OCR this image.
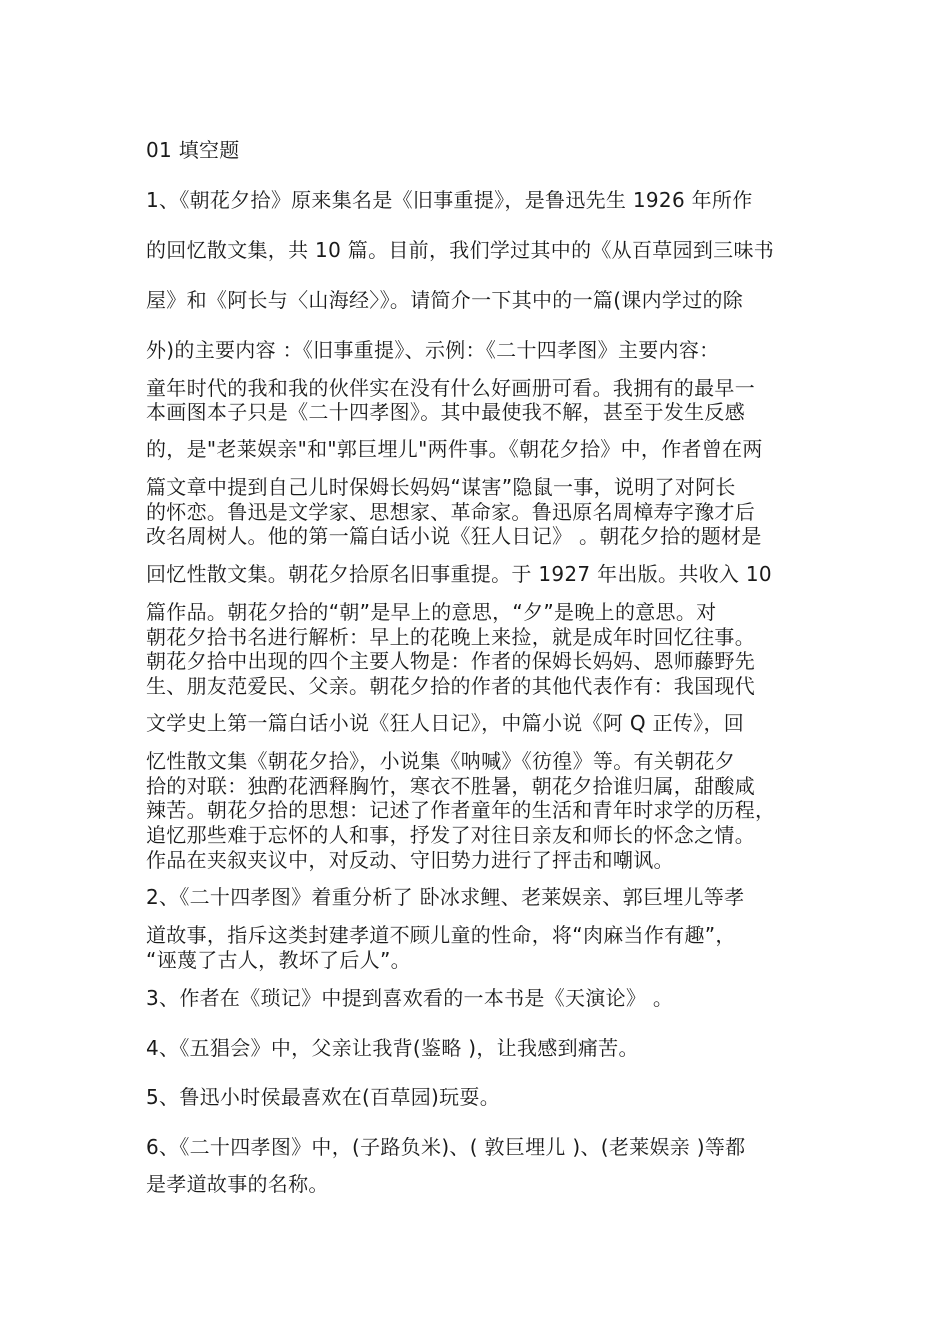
01 填空题
1、《朝花夕拾》原来集名是《旧事重提》，是鲁迅先生 1926 年所作
的回忆散文集，共 10 篇。目前，我们学过其中的《从百草园到三味书
屋》和《阿长与〈山海经〉》。请简介一下其中的一篇(课内学过的除
外)的主要内容 ：《旧事重提》、示例：《二十四孝图》主要内容：
童年时代的我和我的伙伴实在没有什么好画册可看。我拥有的最早一
本画图本子只是《二十四孝图》。其中最使我不解，甚至于发生反感
的，是"老莱娱亲"和"郭巨埋儿"两件事。《朝花夕拾》中，作者曾在两
篇文章中提到自己儿时保姆长妈妈“谋害”隐鼠一事，说明了对阿长
的怀恋。鲁迅是文学家、思想家、革命家。鲁迅原名周樟寿字豫才后
改名周树人。他的第一篇白话小说《狂人日记》 。朝花夕拾的题材是
回忆性散文集。朝花夕拾原名旧事重提。于 1927 年出版。共收入 10
篇作品。朝花夕拾的“朝”是早上的意思，“夕”是晚上的意思。对
朝花夕拾书名进行解析：早上的花晚上来捡，就是成年时回忆往事。
朝花夕拾中出现的四个主要人物是：作者的保姆长妈妈、恩师藤野先
生、朋友范爱民、父亲。朝花夕拾的作者的其他代表作有：我国现代
文学史上第一篇白话小说《狂人日记》，中篇小说《阿 Q 正传》，回
忆性散文集《朝花夕拾》，小说集《呐喊》《彷徨》等。有关朝花夕
拾的对联：独酌花洒释胸竹，寒衣不胜暑，朝花夕拾谁归属，甜酸咸
辣苦。朝花夕拾的思想：记述了作者童年的生活和青年时求学的历程，
追忆那些难于忘怀的人和事，抒发了对往日亲友和师长的怀念之情。
作品在夹叙夹议中，对反动、守旧势力进行了抨击和嘲讽。
2、《二十四孝图》着重分析了 卧冰求鲤、老莱娱亲、郭巨埋儿等孝
道故事，指斥这类封建孝道不顾儿童的性命，将“肉麻当作有趣”，
“诬蔑了古人，教坏了后人”。
3、作者在《琐记》中提到喜欢看的一本书是《天演论》 。
4、《五猖会》中，父亲让我背(鉴略 )，让我感到痛苦。
5、鲁迅小时侯最喜欢在(百草园)玩耍。
6、《二十四孝图》中，(子路负米)、( 敦巨埋儿 )、(老莱娱亲 )等都
是孝道故事的名称。
